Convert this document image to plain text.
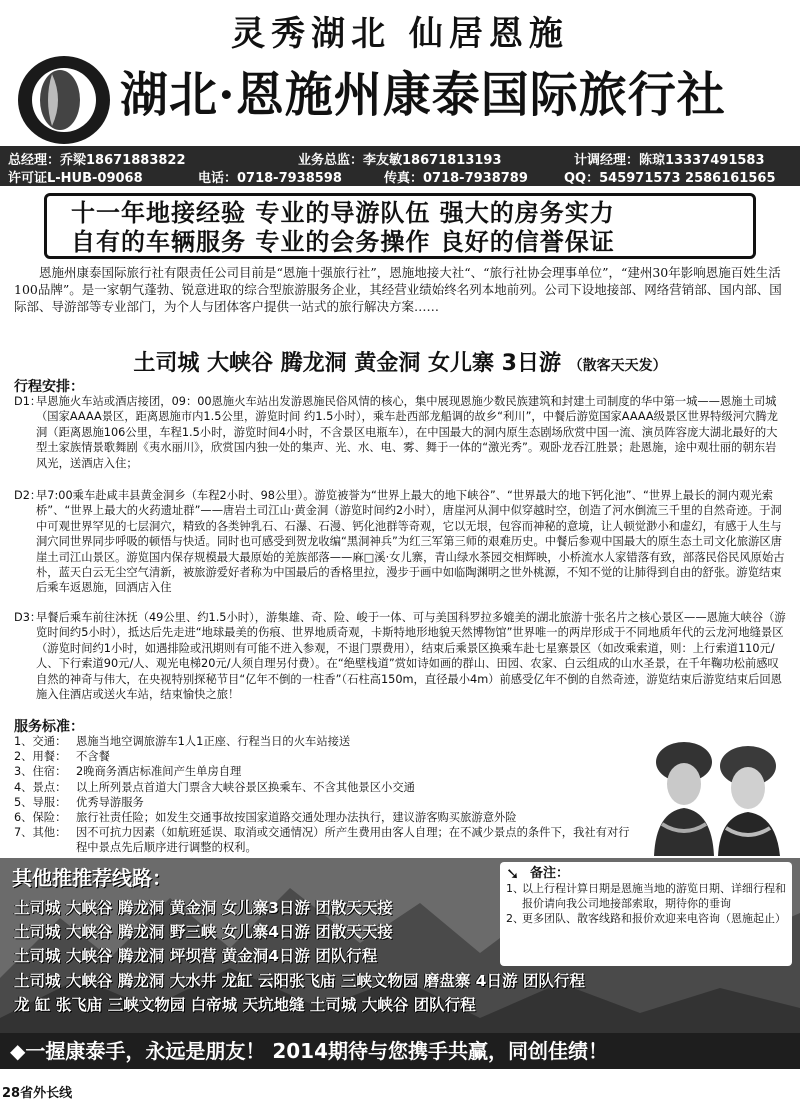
灵秀湖北 仙居恩施
湖北·恩施州康泰国际旅行社
总经理：乔梁18671883822	业务总监：李友敏18671813193	计调经理：陈琼13337491583
许可证L-HUB-09068	电话：0718-7938598	传真：0718-7938789	QQ：545971573 2586161565
十一年地接经验 专业的导游队伍 强大的房务实力
自有的车辆服务 专业的会务操作 良好的信誉保证
恩施州康泰国际旅行社有限责任公司目前是“恩施十强旅行社”，恩施地接大社“、“旅行社协会理事单位”，“建州30年影响恩施百姓生活100品牌”。是一家朝气蓬勃、锐意进取的综合型旅游服务企业，其经营业绩始终名列本地前列。公司下设地接部、网络营销部、国内部、国际部、导游部等专业部门，为个人与团体客户提供一站式的旅行解决方案……
土司城 大峡谷 腾龙洞 黄金洞 女儿寨 3日游 （散客天天发）
行程安排：
D1：
早恩施火车站或酒店接团，09：00恩施火车站出发游恩施民俗风情的核心，集中展现恩施少数民族建筑和封建土司制度的华中第一城——恩施土司城（国家AAAA景区，距离恩施市内1.5公里，游览时间 约1.5小时），乘车赴西部龙船调的故乡“利川”，中餐后游览国家AAAA级景区世界特级河穴腾龙洞（距离恩施106公里，车程1.5小时，游览时间4小时，不含景区电瓶车），在中国最大的洞内原生态剧场欣赏中国一流、演员阵容庞大湖北最好的大型土家族情景歌舞剧《夷水丽川》，欣赏国内独一处的集声、光、水、电、雾、舞于一体的“激光秀”。观卧龙吞江胜景；赴恩施，途中观壮丽的朝东岩风光，送酒店入住；
D2：
早7:00乘车赴咸丰县黄金洞乡（车程2小时、98公里）。游览被誉为“世界上最大的地下峡谷”、“世界最大的地下钙化池”、“世界上最长的洞内观光索桥”、“世界上最大的火药遗址群”——唐岩土司江山·黄金洞（游览时间约2小时），唐崖河从洞中似穿越时空，创造了河水倒流三千里的自然奇迹。于洞中可观世界罕见的七层洞穴，精致的各类钟乳石、石瀑、石漫、钙化池群等奇观，它以无垠，包容而神秘的意境，让人顿觉渺小和虚幻，有感于人生与洞穴同世界同步呼吸的顿悟与快适。同时也可感受到贺龙收编“黑洞神兵”为红三军第三师的艰难历史。中餐后参观中国最大的原生态土司文化旅游区唐崖土司江山景区。游览国内保存规模最大最原始的羌族部落——麻□溪·女儿寨，青山绿水茶园交相辉映，小桥流水人家错落有致，部落民俗民风原始古朴，蓝天白云无尘空气清新，被旅游爱好者称为中国最后的香格里拉，漫步于画中如临陶渊明之世外桃源，不知不觉的让肺得到自由的舒张。游览结束后乘车返恩施，回酒店入住
D3：
早餐后乘车前往沐抚（49公里、约1.5小时），游集雄、奇、险、峻于一体、可与美国科罗拉多媲美的湖北旅游十张名片之核心景区——恩施大峡谷（游览时间约5小时），抵达后先走进“地球最美的伤痕、世界地质奇观，卡斯特地形地貌天然博物馆”世界唯一的两岸形成于不同地质年代的云龙河地缝景区（游览时间约1小时，如遇排险或汛期则有可能不进入参观，不退门票费用），结束后乘景区换乘车赴七星寨景区（如改乘索道，则：上行索道110元/人、下行索道90元/人、观光电梯20元/人须自理另付费）。在“绝壁栈道”赏如诗如画的群山、田园、农家、白云组成的山水圣景，在千年鞠功松前感叹自然的神奇与伟大，在央视特别探秘节目“亿年不倒的一柱香”（石柱高150m，直径最小4m）前感受亿年不倒的自然奇迹，游览结束后游览结束后回恩施入住酒店或送火车站，结束愉快之旅！
服务标准：
1、交通： 恩施当地空调旅游车1人1正座、行程当日的火车站接送
2、用餐： 不含餐
3、住宿： 2晚商务酒店标准间产生单房自理
4、景点： 以上所列景点首道大门票含大峡谷景区换乘车、不含其他景区小交通
5、导服： 优秀导游服务
6、保险： 旅行社责任险；如发生交通事故按国家道路交通处理办法执行，建议游客购买旅游意外险
7、其他： 因不可抗力因素（如航班延误、取消或交通情况）所产生费用由客人自理；在不减少景点的条件下，我社有对行程中景点先后顺序进行调整的权利。
其他推推荐线路：
土司城 大峡谷 腾龙洞 黄金洞 女儿寨3日游 团散天天接
土司城 大峡谷 腾龙洞 野三峡 女儿寨4日游 团散天天接
土司城 大峡谷 腾龙洞 坪坝营 黄金洞4日游 团队行程
土司城 大峡谷 腾龙洞 大水井 龙缸 云阳张飞庙 三峡文物园 磨盘寨 4日游 团队行程
龙 缸 张飞庙 三峡文物园 白帝城 天坑地缝 土司城 大峡谷 团队行程
➘ 备注：
1、
以上行程计算日期是恩施当地的游览日期、详细行程和报价请向我公司地接部索取，期待你的垂询
2、
更多团队、散客线路和报价欢迎来电咨询（恩施起止）
◆一握康泰手，永远是朋友！ 2014期待与您携手共赢，同创佳绩！
28省外长线
